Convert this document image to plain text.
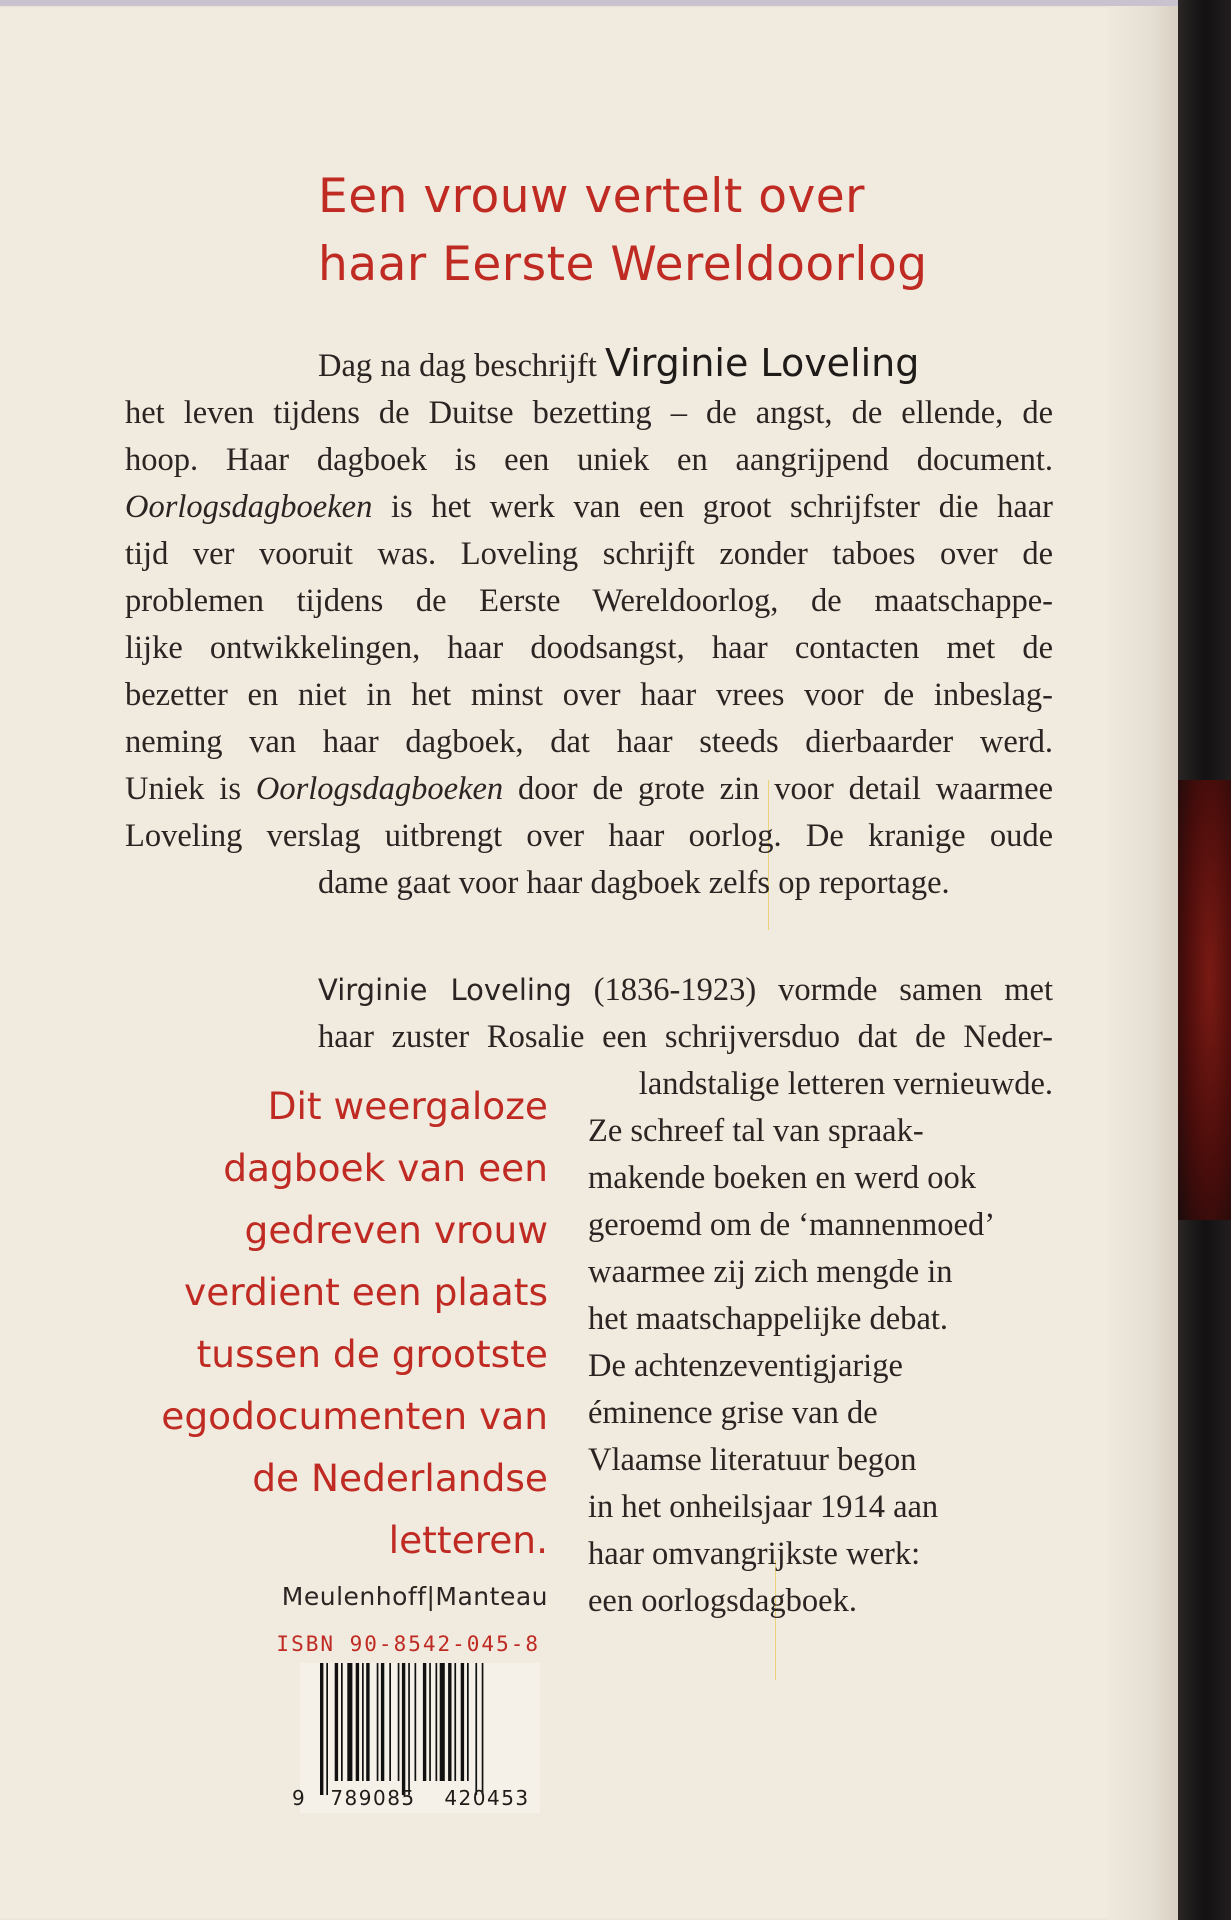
Een vrouw vertelt over
haar Eerste Wereldoorlog
Dag na dag beschrijft Virginie Loveling
het leven tijdens de Duitse bezetting – de angst, de ellende, de
hoop. Haar dagboek is een uniek en aangrijpend document.
Oorlogsdagboeken is het werk van een groot schrijfster die haar
tijd ver vooruit was. Loveling schrijft zonder taboes over de
problemen tijdens de Eerste Wereldoorlog, de maatschappe-
lijke ontwikkelingen, haar doodsangst, haar contacten met de
bezetter en niet in het minst over haar vrees voor de inbeslag-
neming van haar dagboek, dat haar steeds dierbaarder werd.
Uniek is Oorlogsdagboeken door de grote zin voor detail waarmee
Loveling verslag uitbrengt over haar oorlog. De kranige oude
dame gaat voor haar dagboek zelfs op reportage.
Virginie Loveling (1836-1923) vormde samen met
haar zuster Rosalie een schrijversduo dat de Neder-
landstalige letteren vernieuwde.
Ze schreef tal van spraak-
makende boeken en werd ook
geroemd om de ‘mannenmoed’
waarmee zij zich mengde in
het maatschappelijke debat.
De achtenzeventigjarige
éminence grise van de
Vlaamse literatuur begon
in het onheilsjaar 1914 aan
haar omvangrijkste werk:
een oorlogsdagboek.
Dit weergaloze
dagboek van een
gedreven vrouw
verdient een plaats
tussen de grootste
egodocumenten van
de Nederlandse
letteren.
Meulenhoff|Manteau
ISBN 90-8542-045-8
9 789085 420453
